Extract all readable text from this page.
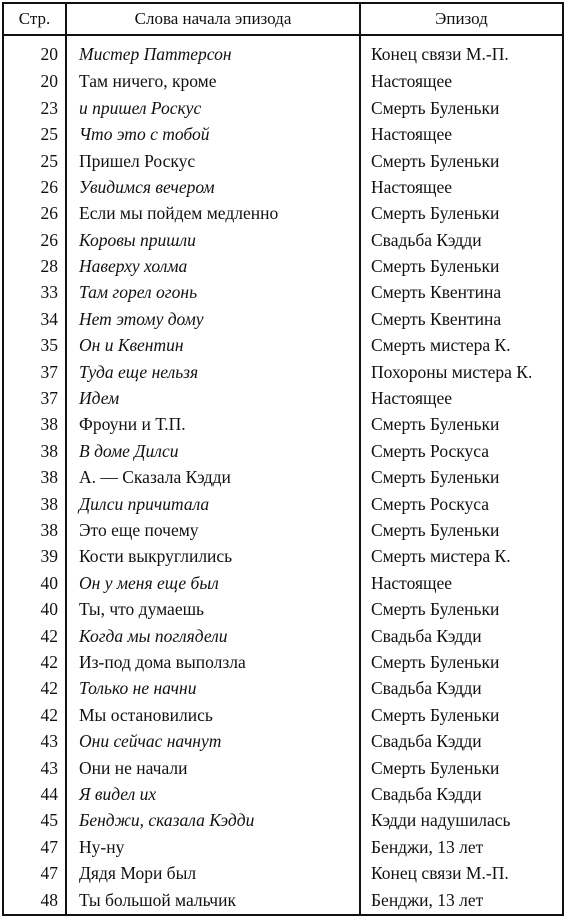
Стр.	Слова начала эпизода	Эпизод
20	Мистер Паттерсон	Конец связи М.-П.
20	Там ничего, кроме	Настоящее
23	и пришел Роскус	Смерть Буленьки
25	Что это с тобой	Настоящее
25	Пришел Роскус	Смерть Буленьки
26	Увидимся вечером	Настоящее
26	Если мы пойдем медленно	Смерть Буленьки
26	Коровы пришли	Свадьба Кэдди
28	Наверху холма	Смерть Буленьки
33	Там горел огонь	Смерть Квентина
34	Нет этому дому	Смерть Квентина
35	Он и Квентин	Смерть мистера К.
37	Туда еще нельзя	Похороны мистера К.
37	Идем	Настоящее
38	Фроуни и Т.П.	Смерть Буленьки
38	В доме Дилси	Смерть Роскуса
38	А. — Сказала Кэдди	Смерть Буленьки
38	Дилси причитала	Смерть Роскуса
38	Это еще почему	Смерть Буленьки
39	Кости выкруглились	Смерть мистера К.
40	Он у меня еще был	Настоящее
40	Ты, что думаешь	Смерть Буленьки
42	Когда мы поглядели	Свадьба Кэдди
42	Из-под дома выползла	Смерть Буленьки
42	Только не начни	Свадьба Кэдди
42	Мы остановились	Смерть Буленьки
43	Они сейчас начнут	Свадьба Кэдди
43	Они не начали	Смерть Буленьки
44	Я видел их	Свадьба Кэдди
45	Бенджи, сказала Кэдди	Кэдди надушилась
47	Ну-ну	Бенджи, 13 лет
47	Дядя Мори был	Конец связи М.-П.
48	Ты большой мальчик	Бенджи, 13 лет
